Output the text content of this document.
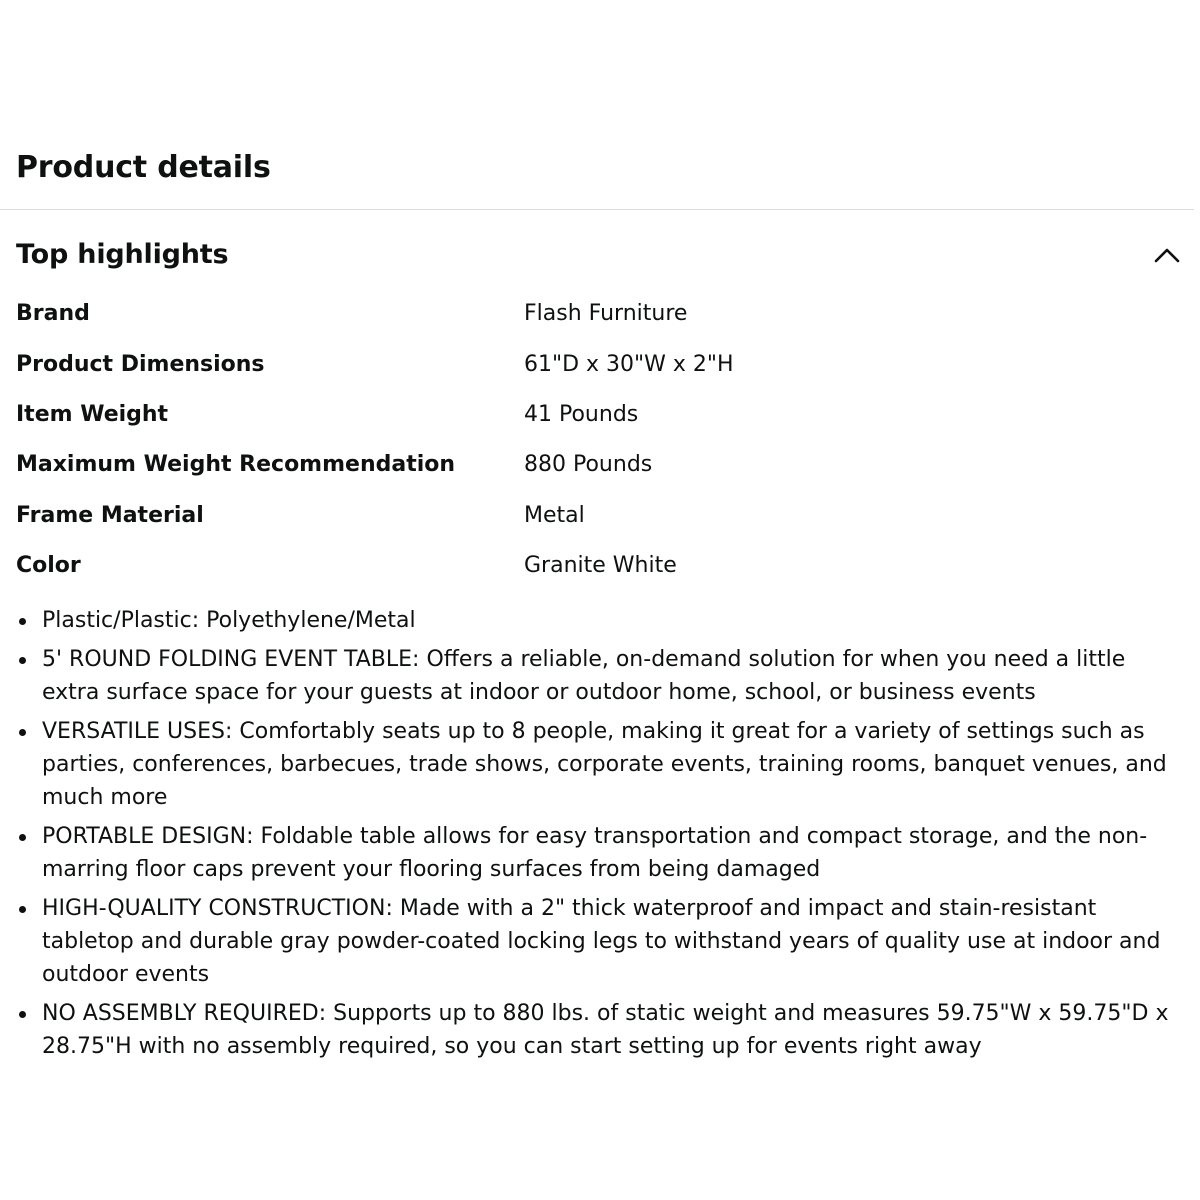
Product details
Top highlights
Brand	Flash Furniture
Product Dimensions	61"D x 30"W x 2"H
Item Weight	41 Pounds
Maximum Weight Recommendation	880 Pounds
Frame Material	Metal
Color	Granite White
Plastic/Plastic: Polyethylene/Metal
5' ROUND FOLDING EVENT TABLE: Offers a reliable, on-demand solution for when you need a little extra surface space for your guests at indoor or outdoor home, school, or business events
VERSATILE USES: Comfortably seats up to 8 people, making it great for a variety of settings such as parties, conferences, barbecues, trade shows, corporate events, training rooms, banquet venues, and much more
PORTABLE DESIGN: Foldable table allows for easy transportation and compact storage, and the non-marring floor caps prevent your flooring surfaces from being damaged
HIGH-QUALITY CONSTRUCTION: Made with a 2" thick waterproof and impact and stain-resistant tabletop and durable gray powder-coated locking legs to withstand years of quality use at indoor and outdoor events
NO ASSEMBLY REQUIRED: Supports up to 880 lbs. of static weight and measures 59.75"W x 59.75"D x 28.75"H with no assembly required, so you can start setting up for events right away
